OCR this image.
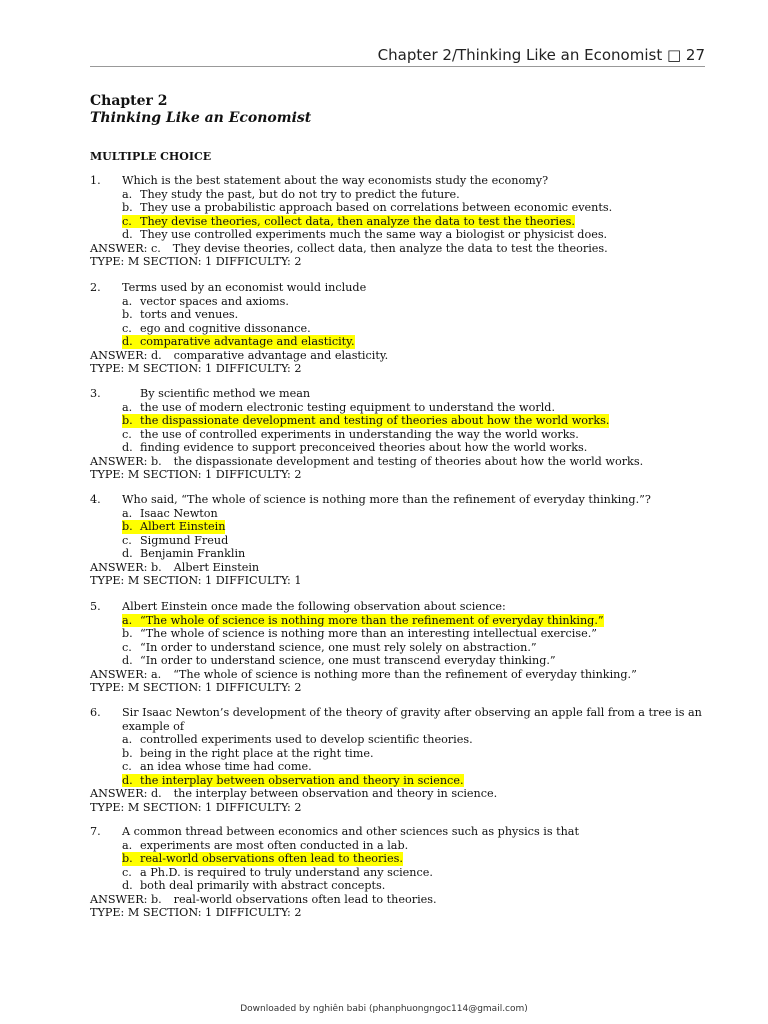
Chapter 2/Thinking Like an Economist □ 27
Chapter 2
Thinking Like an Economist
MULTIPLE CHOICE
1. Which is the best statement about the way economists study the economy?
a. They study the past, but do not try to predict the future.
b. They use a probabilistic approach based on correlations between economic events.
c. They devise theories, collect data, then analyze the data to test the theories.
d. They use controlled experiments much the same way a biologist or physicist does.
ANSWER: c. They devise theories, collect data, then analyze the data to test the theories.
TYPE: M SECTION: 1 DIFFICULTY: 2
2. Terms used by an economist would include
a. vector spaces and axioms.
b. torts and venues.
c. ego and cognitive dissonance.
d. comparative advantage and elasticity.
ANSWER: d. comparative advantage and elasticity.
TYPE: M SECTION: 1 DIFFICULTY: 2
3.	By scientific method we mean
a. the use of modern electronic testing equipment to understand the world.
b. the dispassionate development and testing of theories about how the world works.
c. the use of controlled experiments in understanding the way the world works.
d. finding evidence to support preconceived theories about how the world works.
ANSWER: b. the dispassionate development and testing of theories about how the world works.
TYPE: M SECTION: 1 DIFFICULTY: 2
4. Who said, “The whole of science is nothing more than the refinement of everyday thinking.”?
a. Isaac Newton
b. Albert Einstein
c. Sigmund Freud
d. Benjamin Franklin
ANSWER: b. Albert Einstein
TYPE: M SECTION: 1 DIFFICULTY: 1
5. Albert Einstein once made the following observation about science:
a. “The whole of science is nothing more than the refinement of everyday thinking.”
b. “The whole of science is nothing more than an interesting intellectual exercise.”
c. “In order to understand science, one must rely solely on abstraction.”
d. “In order to understand science, one must transcend everyday thinking.”
ANSWER: a. “The whole of science is nothing more than the refinement of everyday thinking.”
TYPE: M SECTION: 1 DIFFICULTY: 2
6. Sir Isaac Newton’s development of the theory of gravity after observing an apple fall from a tree is an example of
a. controlled experiments used to develop scientific theories.
b. being in the right place at the right time.
c. an idea whose time had come.
d. the interplay between observation and theory in science.
ANSWER: d. the interplay between observation and theory in science.
TYPE: M SECTION: 1 DIFFICULTY: 2
7. A common thread between economics and other sciences such as physics is that
a. experiments are most often conducted in a lab.
b. real-world observations often lead to theories.
c. a Ph.D. is required to truly understand any science.
d. both deal primarily with abstract concepts.
ANSWER: b. real-world observations often lead to theories.
TYPE: M SECTION: 1 DIFFICULTY: 2
Downloaded by nghiên babi (phanphuongngoc114@gmail.com)
